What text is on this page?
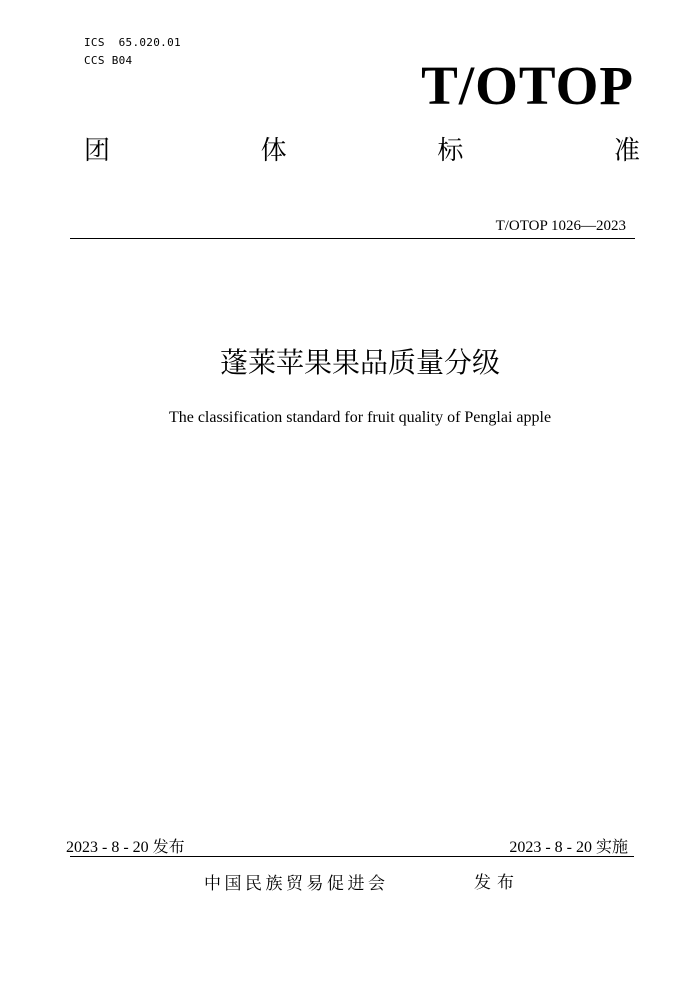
ICS  65.020.01
CCS B04	T/OTOP
团	体	标	准
T/OTOP 1026—2023
蓬莱苹果果品质量分级
The classification standard for fruit quality of Penglai apple
2023 - 8 - 20 发布	2023 - 8 - 20 实施
中国民族贸易促进会	发布
